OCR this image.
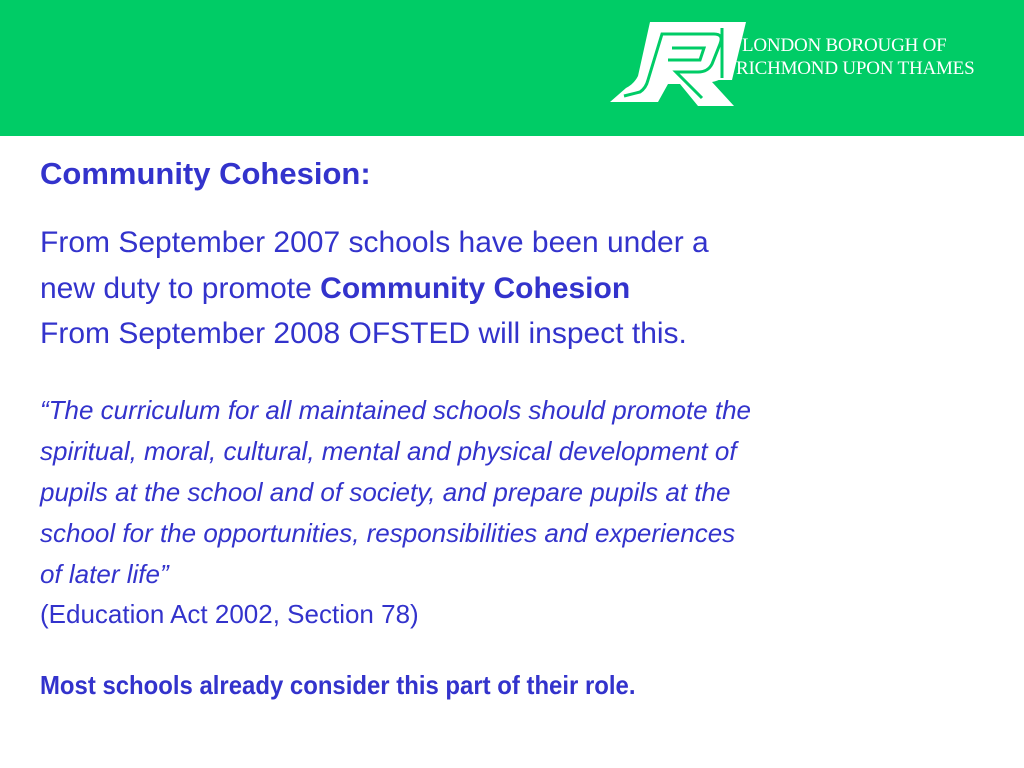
LONDON BOROUGH OF
RICHMOND UPON THAMES
Community Cohesion:
From September 2007 schools have been under a
new duty to promote Community Cohesion
From September 2008 OFSTED will inspect this.
“The curriculum for all maintained schools should promote the
spiritual, moral, cultural, mental and physical development of
pupils at the school and of society, and prepare pupils at the
school for the opportunities, responsibilities and experiences
of later life”
(Education Act 2002, Section 78)
Most schools already consider this part of their role.
